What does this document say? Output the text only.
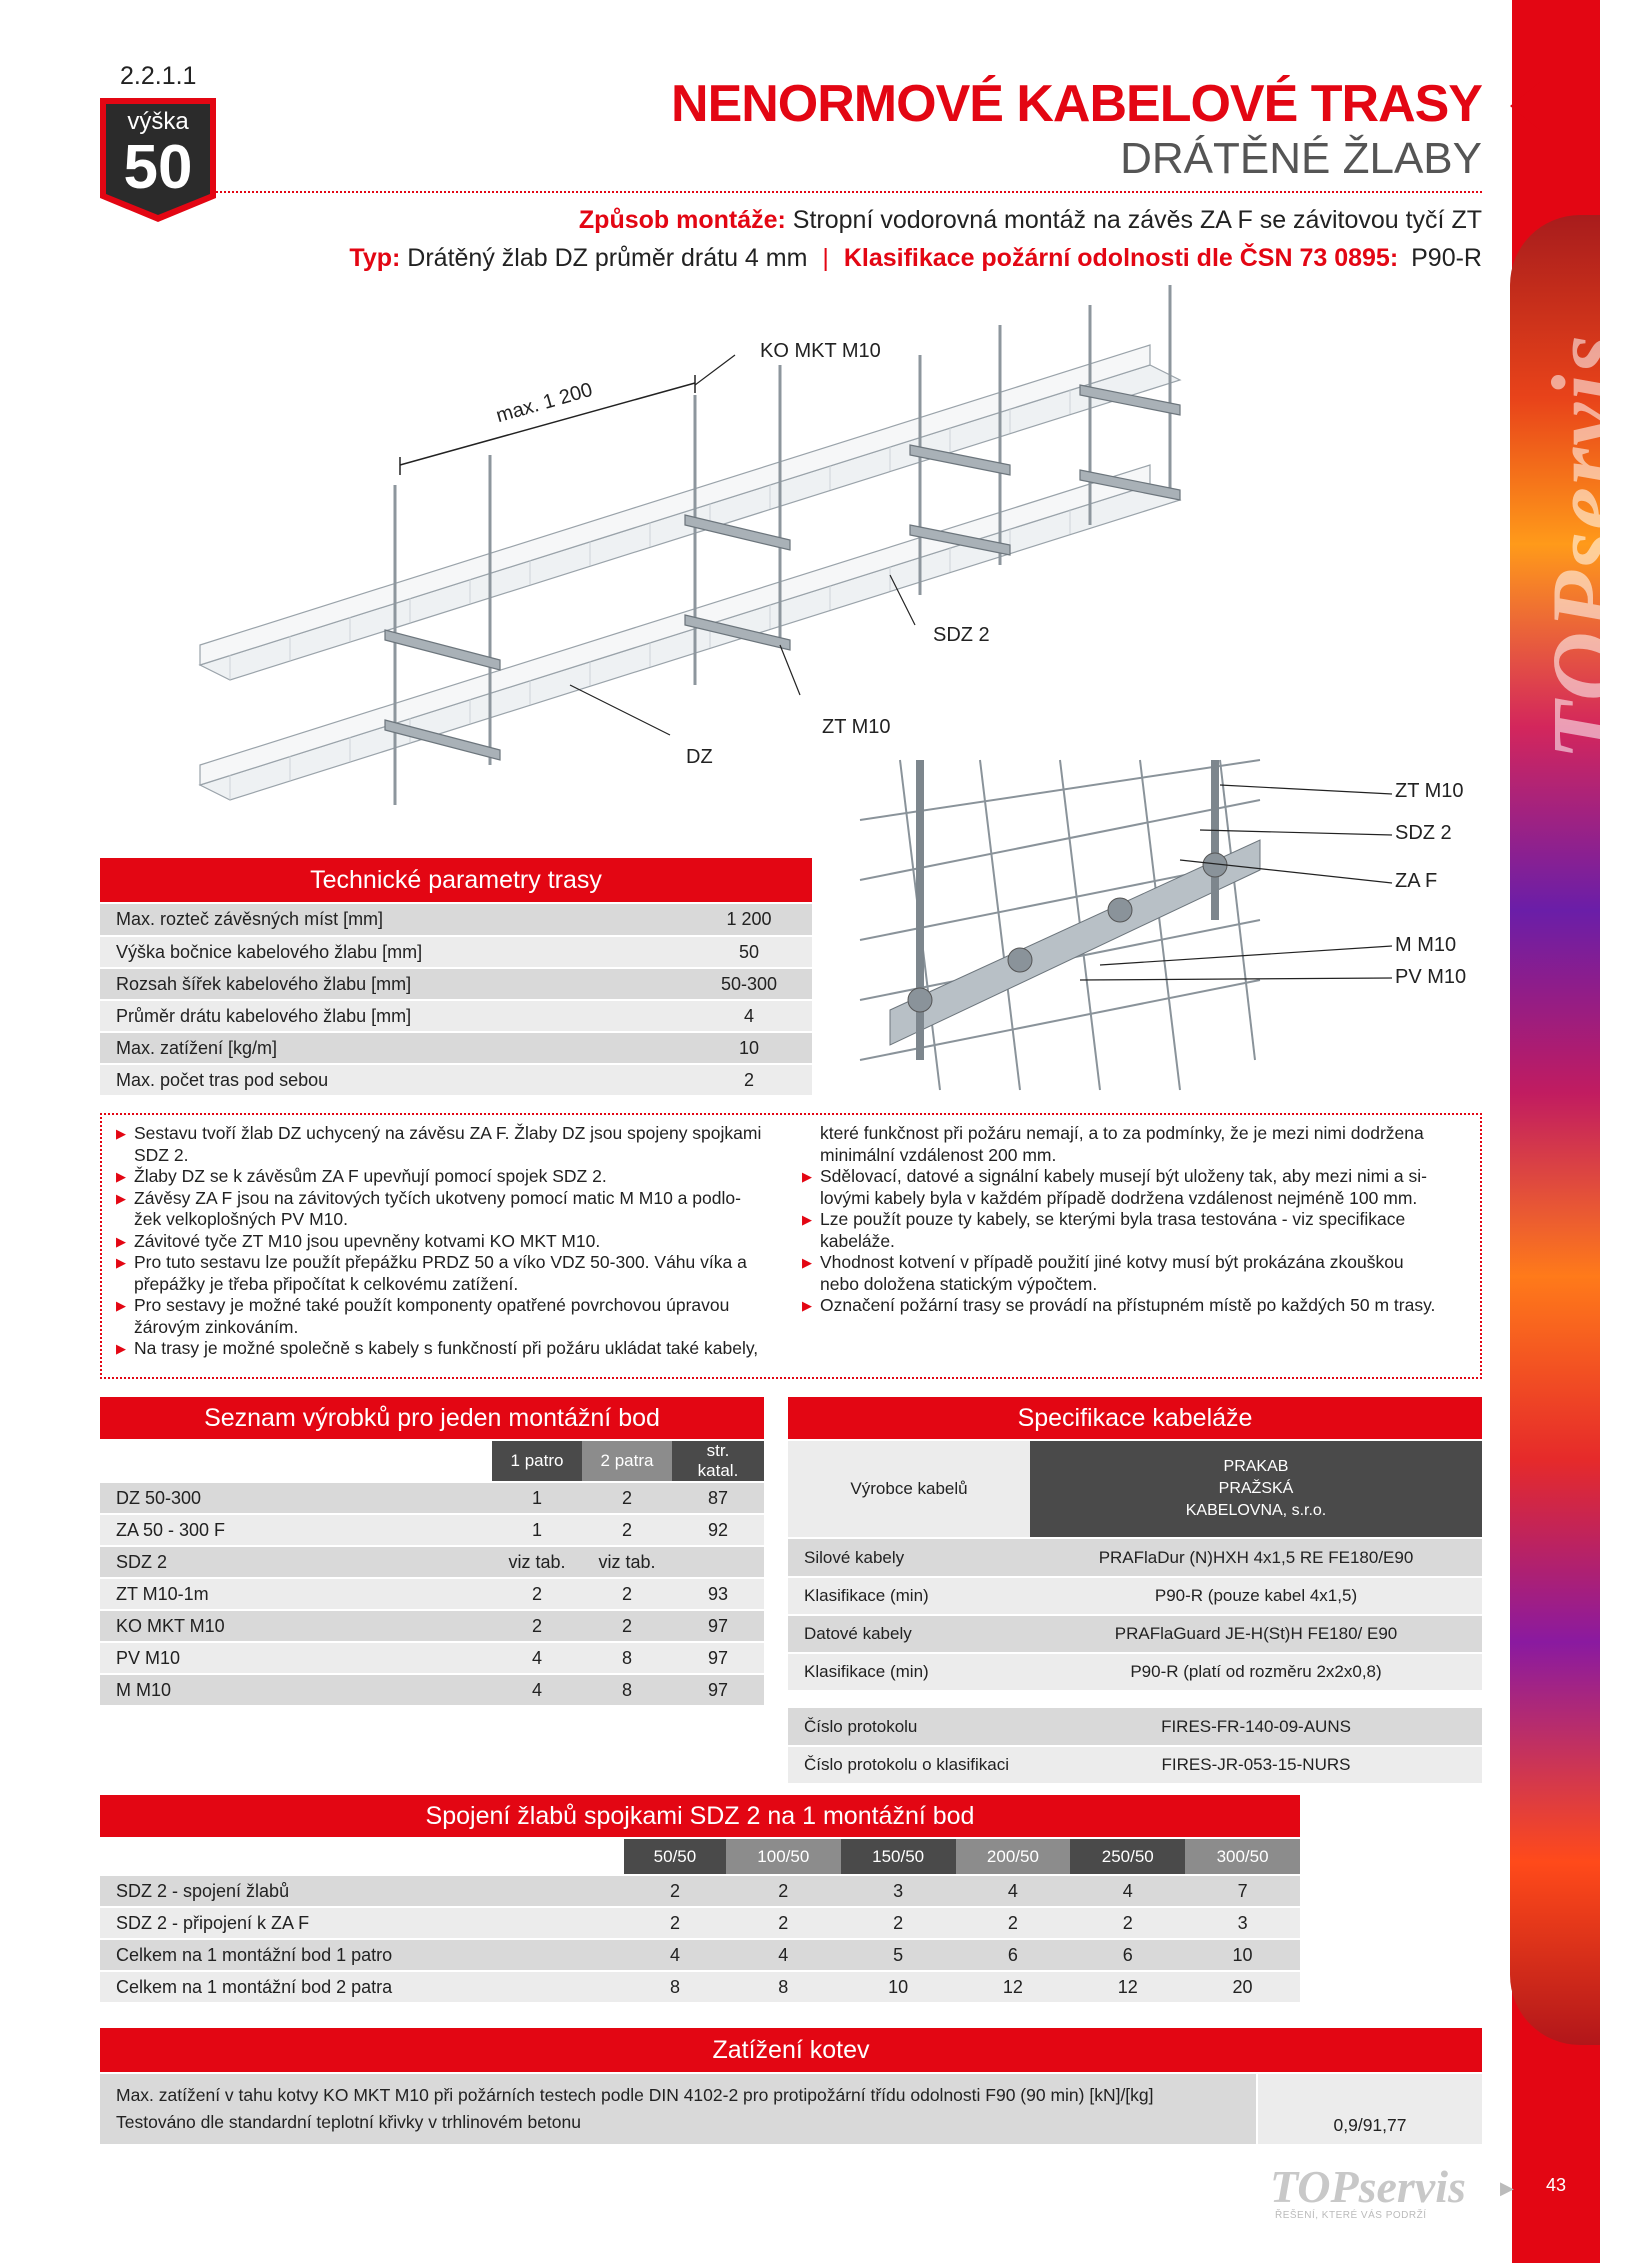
TOPservis
2.2.1.1
výška
50
NENORMOVÉ KABELOVÉ TRASY
DRÁTĚNÉ ŽLABY
Způsob montáže: Stropní vodorovná montáž na závěs ZA F se závitovou tyčí ZT
Typ: Drátěný žlab DZ průměr drátu 4 mm | Klasifikace požární odolnosti dle ČSN 73 0895: P90-R
max. 1 200
KO MKT M10
SDZ 2
ZT M10
DZ
ZT M10
SDZ 2
ZA F
M M10
PV M10
Technické parametry trasy
Max. rozteč závěsných míst [mm]	1 200
Výška bočnice kabelového žlabu [mm]	50
Rozsah šířek kabelového žlabu [mm]	50-300
Průměr drátu kabelového žlabu [mm]	4
Max. zatížení [kg/m]	10
Max. počet tras pod sebou	2
▶ Sestavu tvoří žlab DZ uchycený na závěsu ZA F. Žlaby DZ jsou spojeny spojkami
SDZ 2.
▶ Žlaby DZ se k závěsům ZA F upevňují pomocí spojek SDZ 2.
▶ Závěsy ZA F jsou na závitových tyčích ukotveny pomocí matic M M10 a podlo-
žek velkoplošných PV M10.
▶ Závitové tyče ZT M10 jsou upevněny kotvami KO MKT M10.
▶ Pro tuto sestavu lze použít přepážku PRDZ 50 a víko VDZ 50-300. Váhu víka a
přepážky je třeba připočítat k celkovému zatížení.
▶ Pro sestavy je možné také použít komponenty opatřené povrchovou úpravou
žárovým zinkováním.
▶ Na trasy je možné společně s kabely s funkčností při požáru ukládat také kabely,
které funkčnost při požáru nemají, a to za podmínky, že je mezi nimi dodržena
minimální vzdálenost 200 mm.
▶ Sdělovací, datové a signální kabely musejí být uloženy tak, aby mezi nimi a si-
lovými kabely byla v každém případě dodržena vzdálenost nejméně 100 mm.
▶ Lze použít pouze ty kabely, se kterými byla trasa testována - viz specifikace
kabeláže.
▶ Vhodnost kotvení v případě použití jiné kotvy musí být prokázána zkouškou
nebo doložena statickým výpočtem.
▶ Označení požární trasy se provádí na přístupném místě po každých 50 m trasy.
Seznam výrobků pro jeden montážní bod
	1 patro	2 patra	str. katal.
DZ 50-300	1	2	87
ZA 50 - 300 F	1	2	92
SDZ 2	viz tab.	viz tab.	
ZT M10-1m	2	2	93
KO MKT M10	2	2	97
PV M10	4	8	97
M M10	4	8	97
Specifikace kabeláže
Výrobce kabelů
PRAKAB
PRAŽSKÁ
KABELOVNA, s.r.o.
Silové kabely	PRAFlaDur (N)HXH 4x1,5 RE FE180/E90
Klasifikace (min)	P90-R (pouze kabel 4x1,5)
Datové kabely	PRAFlaGuard JE-H(St)H FE180/ E90
Klasifikace (min)	P90-R (platí od rozměru 2x2x0,8)
Číslo protokolu	FIRES-FR-140-09-AUNS
Číslo protokolu o klasifikaci	FIRES-JR-053-15-NURS
Spojení žlabů spojkami SDZ 2 na 1 montážní bod
	50/50	100/50	150/50	200/50	250/50	300/50
SDZ 2 - spojení žlabů	2	2	3	4	4	7
SDZ 2 - připojení k ZA F	2	2	2	2	2	3
Celkem na 1 montážní bod 1 patro	4	4	5	6	6	10
Celkem na 1 montážní bod 2 patra	8	8	10	12	12	20
Zatížení kotev
Max. zatížení v tahu kotvy KO MKT M10 při požárních testech podle DIN 4102-2 pro protipožární třídu odolnosti F90 (90 min) [kN]/[kg]
Testováno dle standardní teplotní křivky v trhlinovém betonu	0,9/91,77
TOPservis
ŘEŠENÍ, KTERÉ VÁS PODRŽÍ
▶	43
